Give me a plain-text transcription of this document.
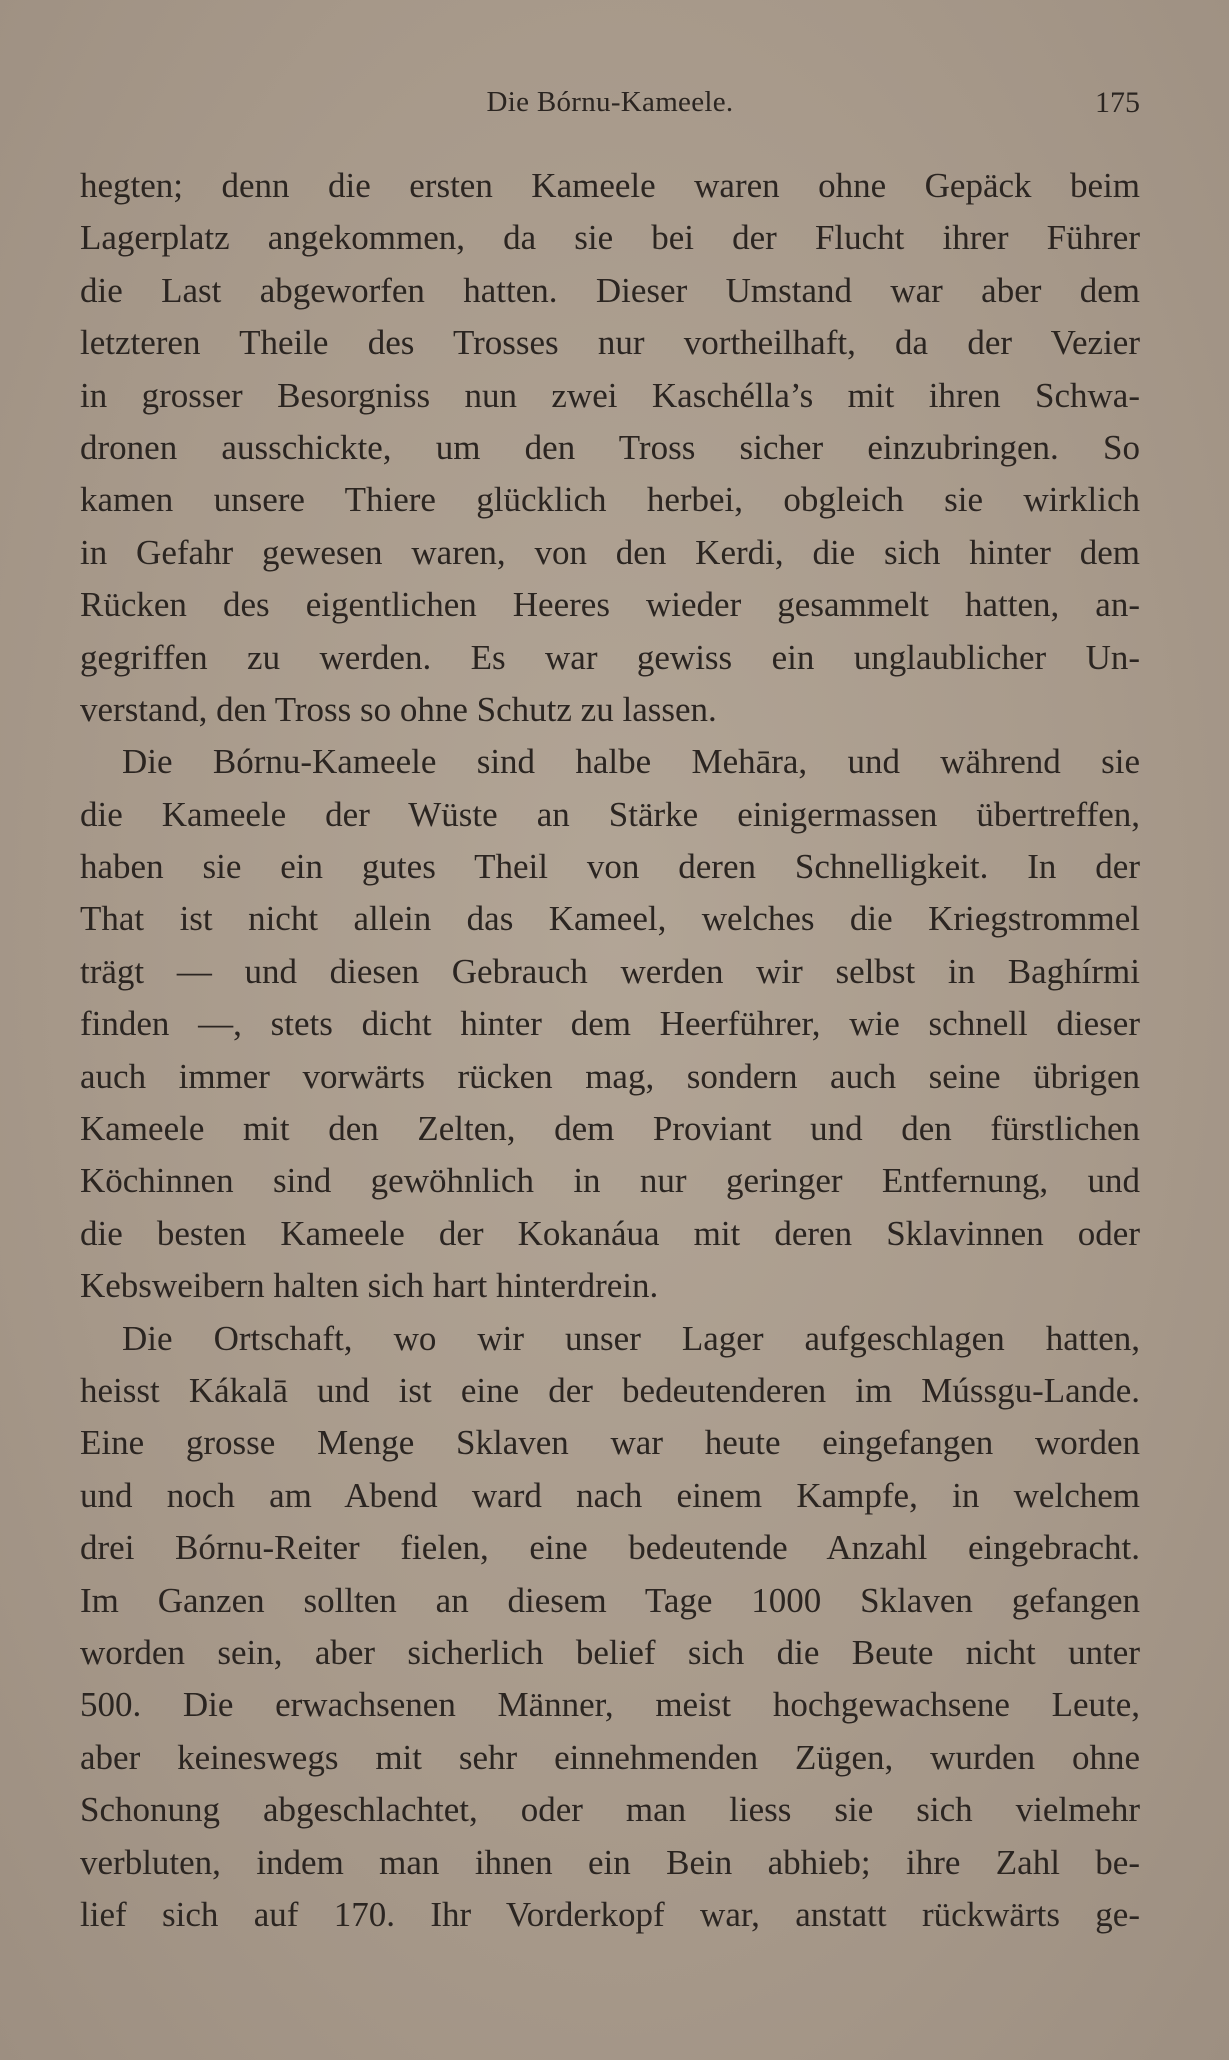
Die Bórnu-Kameele.	175
hegten; denn die ersten Kameele waren ohne Gepäck beim
Lagerplatz angekommen, da sie bei der Flucht ihrer Führer
die Last abgeworfen hatten. Dieser Umstand war aber dem
letzteren Theile des Trosses nur vortheilhaft, da der Vezier
in grosser Besorgniss nun zwei Kaschélla’s mit ihren Schwa-
dronen ausschickte, um den Tross sicher einzubringen. So
kamen unsere Thiere glücklich herbei, obgleich sie wirklich
in Gefahr gewesen waren, von den Kerdi, die sich hinter dem
Rücken des eigentlichen Heeres wieder gesammelt hatten, an-
gegriffen zu werden. Es war gewiss ein unglaublicher Un-
verstand, den Tross so ohne Schutz zu lassen.
Die Bórnu-Kameele sind halbe Mehāra, und während sie
die Kameele der Wüste an Stärke einigermassen übertreffen,
haben sie ein gutes Theil von deren Schnelligkeit. In der
That ist nicht allein das Kameel, welches die Kriegstrommel
trägt — und diesen Gebrauch werden wir selbst in Baghírmi
finden —, stets dicht hinter dem Heerführer, wie schnell dieser
auch immer vorwärts rücken mag, sondern auch seine übrigen
Kameele mit den Zelten, dem Proviant und den fürstlichen
Köchinnen sind gewöhnlich in nur geringer Entfernung, und
die besten Kameele der Kokanáua mit deren Sklavinnen oder
Kebsweibern halten sich hart hinterdrein.
Die Ortschaft, wo wir unser Lager aufgeschlagen hatten,
heisst Kákalā und ist eine der bedeutenderen im Mússgu-Lande.
Eine grosse Menge Sklaven war heute eingefangen worden
und noch am Abend ward nach einem Kampfe, in welchem
drei Bórnu-Reiter fielen, eine bedeutende Anzahl eingebracht.
Im Ganzen sollten an diesem Tage 1000 Sklaven gefangen
worden sein, aber sicherlich belief sich die Beute nicht unter
500. Die erwachsenen Männer, meist hochgewachsene Leute,
aber keineswegs mit sehr einnehmenden Zügen, wurden ohne
Schonung abgeschlachtet, oder man liess sie sich vielmehr
verbluten, indem man ihnen ein Bein abhieb; ihre Zahl be-
lief sich auf 170. Ihr Vorderkopf war, anstatt rückwärts ge-
